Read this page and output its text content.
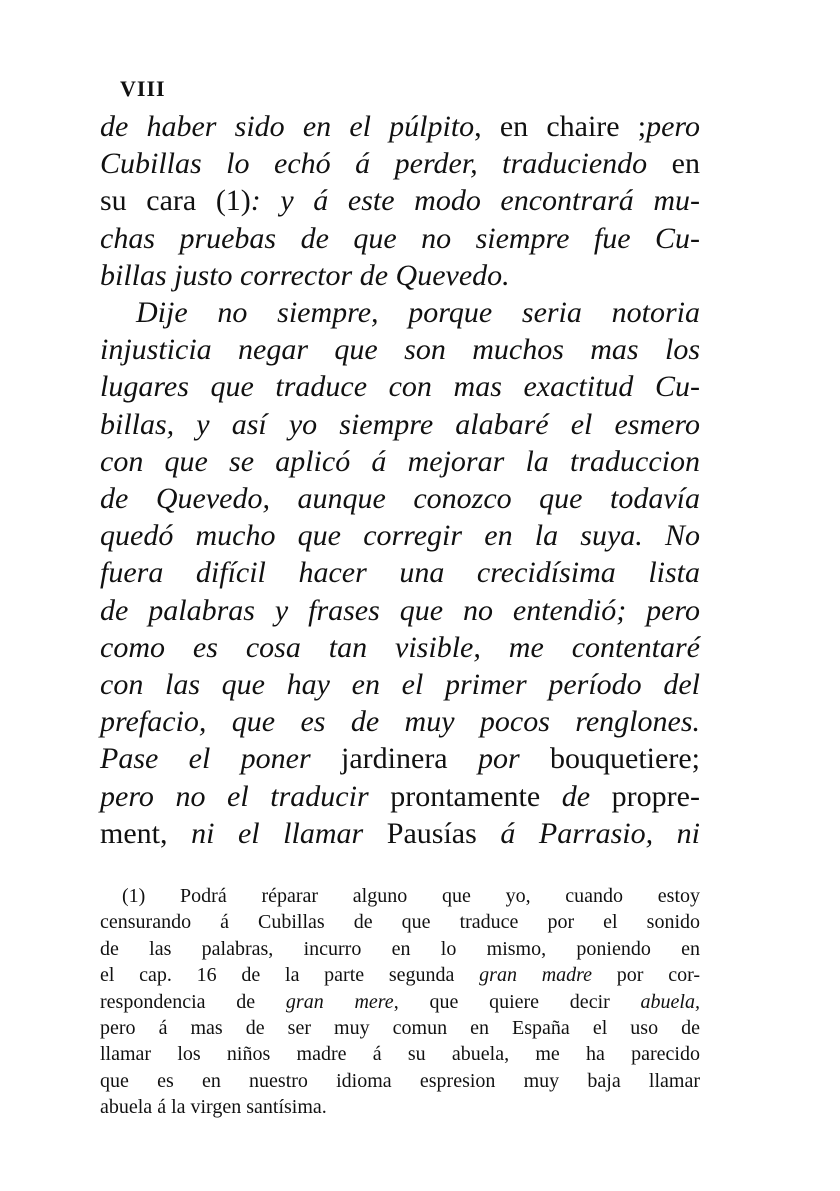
VIII
de haber sido en el púlpito, en chaire ;pero
Cubillas lo echó á perder, traduciendo en
su cara (1): y á este modo encontrará mu-
chas pruebas de que no siempre fue Cu-
billas justo corrector de Quevedo.
Dije no siempre, porque seria notoria
injusticia negar que son muchos mas los
lugares que traduce con mas exactitud Cu-
billas, y así yo siempre alabaré el esmero
con que se aplicó á mejorar la traduccion
de Quevedo, aunque conozco que todavía
quedó mucho que corregir en la suya. No
fuera difícil hacer una crecidísima lista
de palabras y frases que no entendió; pero
como es cosa tan visible, me contentaré
con las que hay en el primer período del
prefacio, que es de muy pocos renglones.
Pase el poner jardinera por bouquetiere;
pero no el traducir prontamente de propre-
ment, ni el llamar Pausías á Parrasio, ni
(1) Podrá réparar alguno que yo, cuando estoy
censurando á Cubillas de que traduce por el sonido
de las palabras, incurro en lo mismo, poniendo en
el cap. 16 de la parte segunda gran madre por cor-
respondencia de gran mere, que quiere decir abuela,
pero á mas de ser muy comun en España el uso de
llamar los niños madre á su abuela, me ha parecido
que es en nuestro idioma espresion muy baja llamar
abuela á la virgen santísima.
